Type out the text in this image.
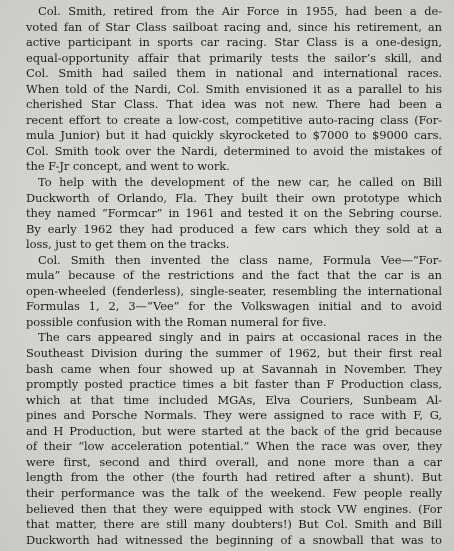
Col. Smith, retired from the Air Force in 1955, had been a de-
voted fan of Star Class sailboat racing and, since his retirement, an
active participant in sports car racing. Star Class is a one-design,
equal-opportunity affair that primarily tests the sailor’s skill, and
Col. Smith had sailed them in national and international races.
When told of the Nardi, Col. Smith envisioned it as a parallel to his
cherished Star Class. That idea was not new. There had been a
recent effort to create a low-cost, competitive auto-racing class (For-
mula Junior) but it had quickly skyrocketed to $7000 to $9000 cars.
Col. Smith took over the Nardi, determined to avoid the mistakes of
the F-Jr concept, and went to work.

To help with the development of the new car, he called on Bill
Duckworth of Orlando, Fla. They built their own prototype which
they named “Formcar” in 1961 and tested it on the Sebring course.
By early 1962 they had produced a few cars which they sold at a
loss, just to get them on the tracks.

Col. Smith then invented the class name, Formula Vee—“For-
mula” because of the restrictions and the fact that the car is an
open-wheeled (fenderless), single-seater, resembling the international
Formulas 1, 2, 3—“Vee” for the Volkswagen initial and to avoid
possible confusion with the Roman numeral for five.

The cars appeared singly and in pairs at occasional races in the
Southeast Division during the summer of 1962, but their first real
bash came when four showed up at Savannah in November. They
promptly posted practice times a bit faster than F Production class,
which at that time included MGAs, Elva Couriers, Sunbeam Al-
pines and Porsche Normals. They were assigned to race with F, G,
and H Production, but were started at the back of the grid because
of their “low acceleration potential.” When the race was over, they
were first, second and third overall, and none more than a car
length from the other (the fourth had retired after a shunt). But
their performance was the talk of the weekend. Few people really
believed then that they were equipped with stock VW engines. (For
that matter, there are still many doubters!) But Col. Smith and Bill
Duckworth had witnessed the beginning of a snowball that was to
